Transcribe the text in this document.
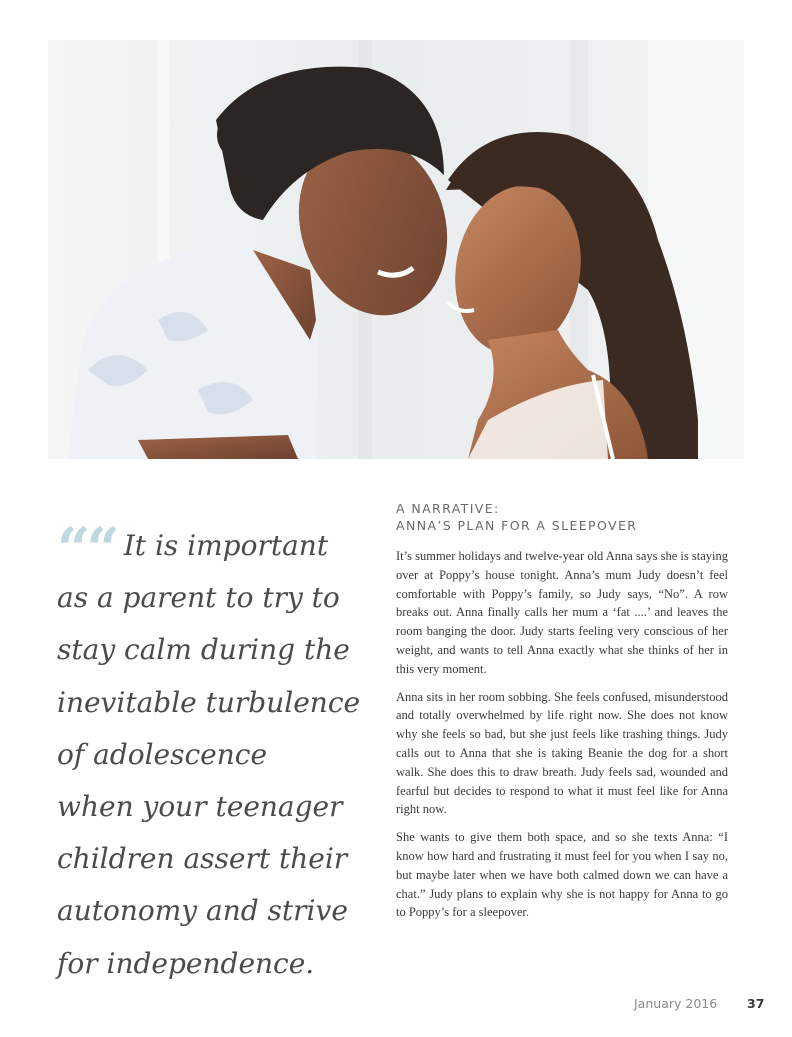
““ It is important
as a parent to try to
stay calm during the
inevitable turbulence
of adolescence
when your teenager
children assert their
autonomy and strive
for independence.
A NARRATIVE:
ANNA’S PLAN FOR A SLEEPOVER

It’s summer holidays and twelve-year old Anna says she is staying over at Poppy’s house tonight. Anna’s mum Judy doesn’t feel comfortable with Poppy’s family, so Judy says, “No”. A row breaks out. Anna finally calls her mum a ‘fat ....’ and leaves the room banging the door. Judy starts feeling very conscious of her weight, and wants to tell Anna exactly what she thinks of her in this very moment.

Anna sits in her room sobbing. She feels confused, misunderstood and totally overwhelmed by life right now. She does not know why she feels so bad, but she just feels like trashing things. Judy calls out to Anna that she is taking Beanie the dog for a short walk. She does this to draw breath. Judy feels sad, wounded and fearful but decides to respond to what it must feel like for Anna right now.

She wants to give them both space, and so she texts Anna: “I know how hard and frustrating it must feel for you when I say no, but maybe later when we have both calmed down we can have a chat.” Judy plans to explain why she is not happy for Anna to go to Poppy’s for a sleepover.

January 2016 37
